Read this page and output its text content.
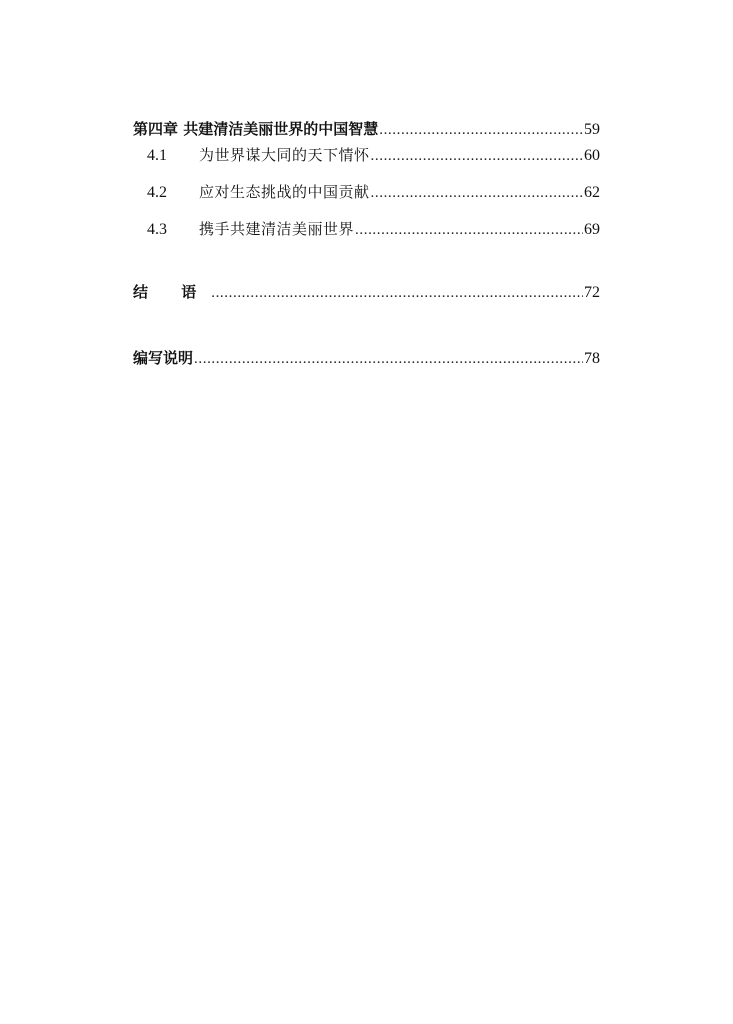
第四章 共建清洁美丽世界的中国智慧 .....	59
4.1	为世界谋大同的天下情怀 .....	60
4.2	应对生态挑战的中国贡献 .....	62
4.3	携手共建清洁美丽世界 .....	69
结 语 .....	72
编写说明 .....	78
